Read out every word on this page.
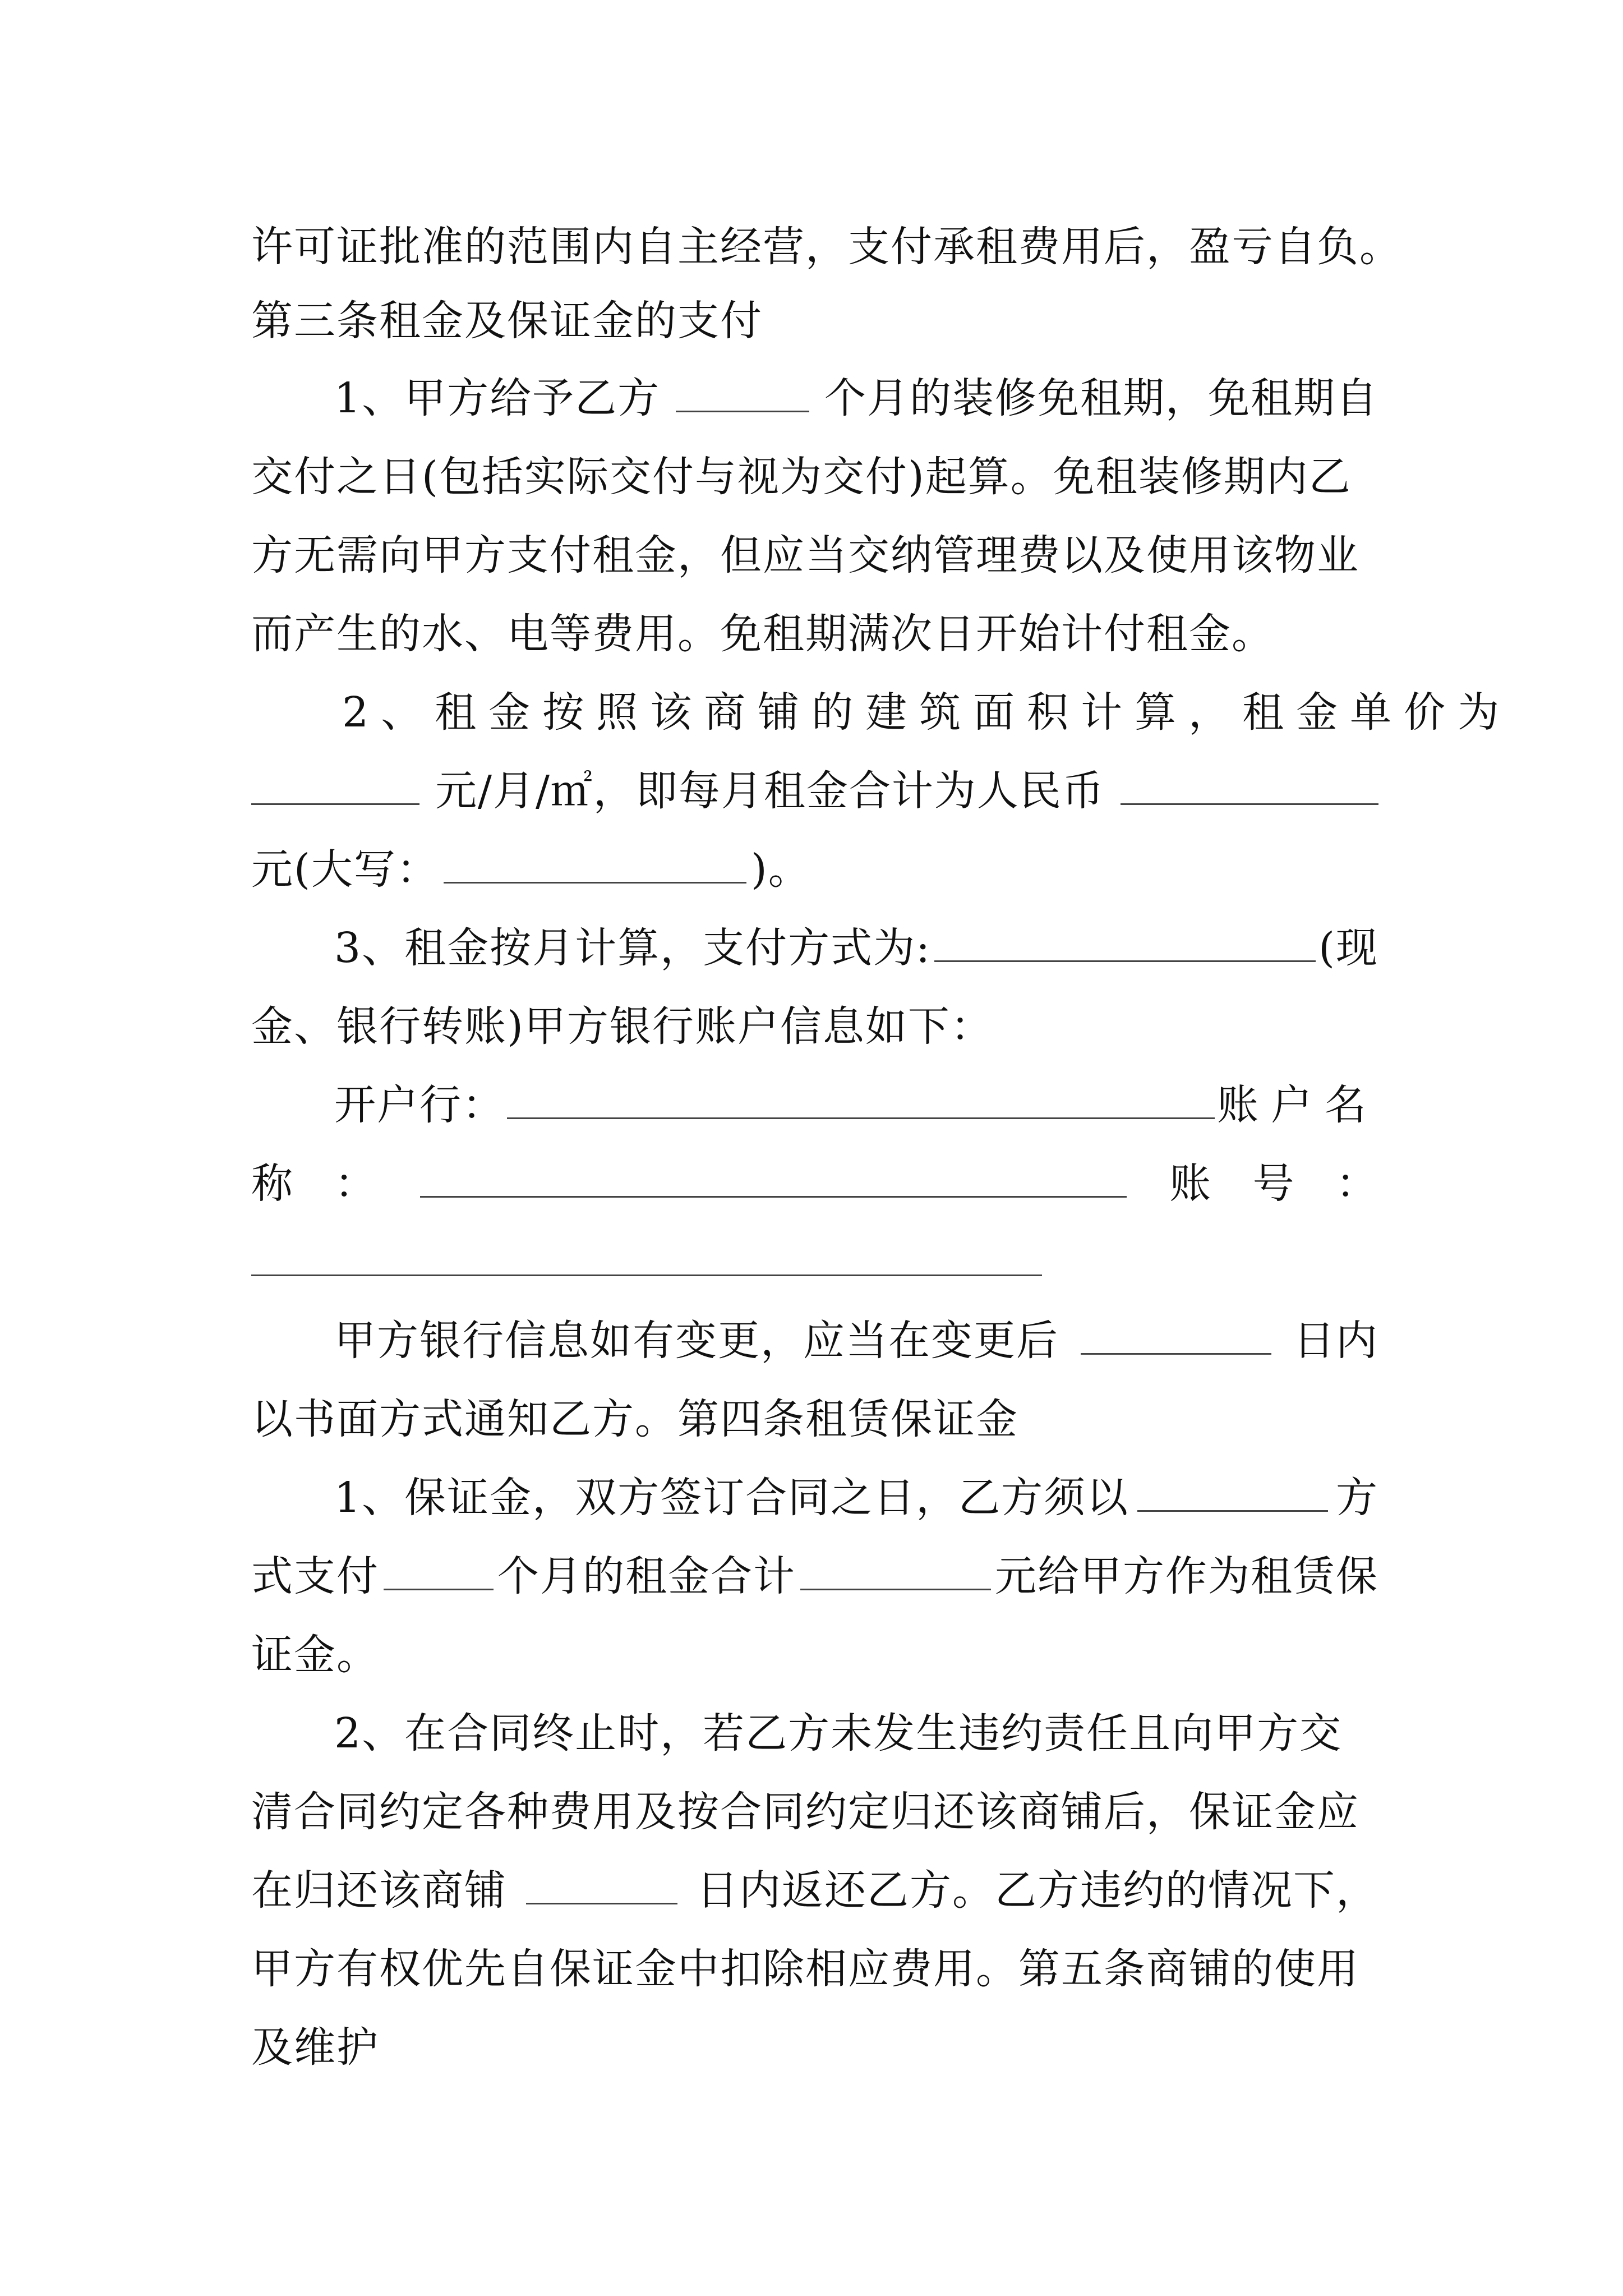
许可证批准的范围内自主经营，支付承租费用后，盈亏自负。
第三条租金及保证金的支付
1、甲方给予乙方	个月的装修免租期，免租期自
交付之日(包括实际交付与视为交付)起算。免租装修期内乙
方无需向甲方支付租金，但应当交纳管理费以及使用该物业
而产生的水、电等费用。免租期满次日开始计付租金。
2、租金按照该商铺的建筑面积计算，租金单价为
元/月/㎡，即每月租金合计为人民币
元(大写：	)。
3、租金按月计算，支付方式为:	(现
金、银行转账)甲方银行账户信息如下：
开户行：	账户名
称 ：	账 号 ：
甲方银行信息如有变更，应当在变更后	日内
以书面方式通知乙方。第四条租赁保证金
1、保证金，双方签订合同之日，乙方须以	方
式支付	个月的租金合计	元给甲方作为租赁保
证金。
2、在合同终止时，若乙方未发生违约责任且向甲方交
清合同约定各种费用及按合同约定归还该商铺后，保证金应
在归还该商铺	日内返还乙方。乙方违约的情况下，
甲方有权优先自保证金中扣除相应费用。第五条商铺的使用
及维护
